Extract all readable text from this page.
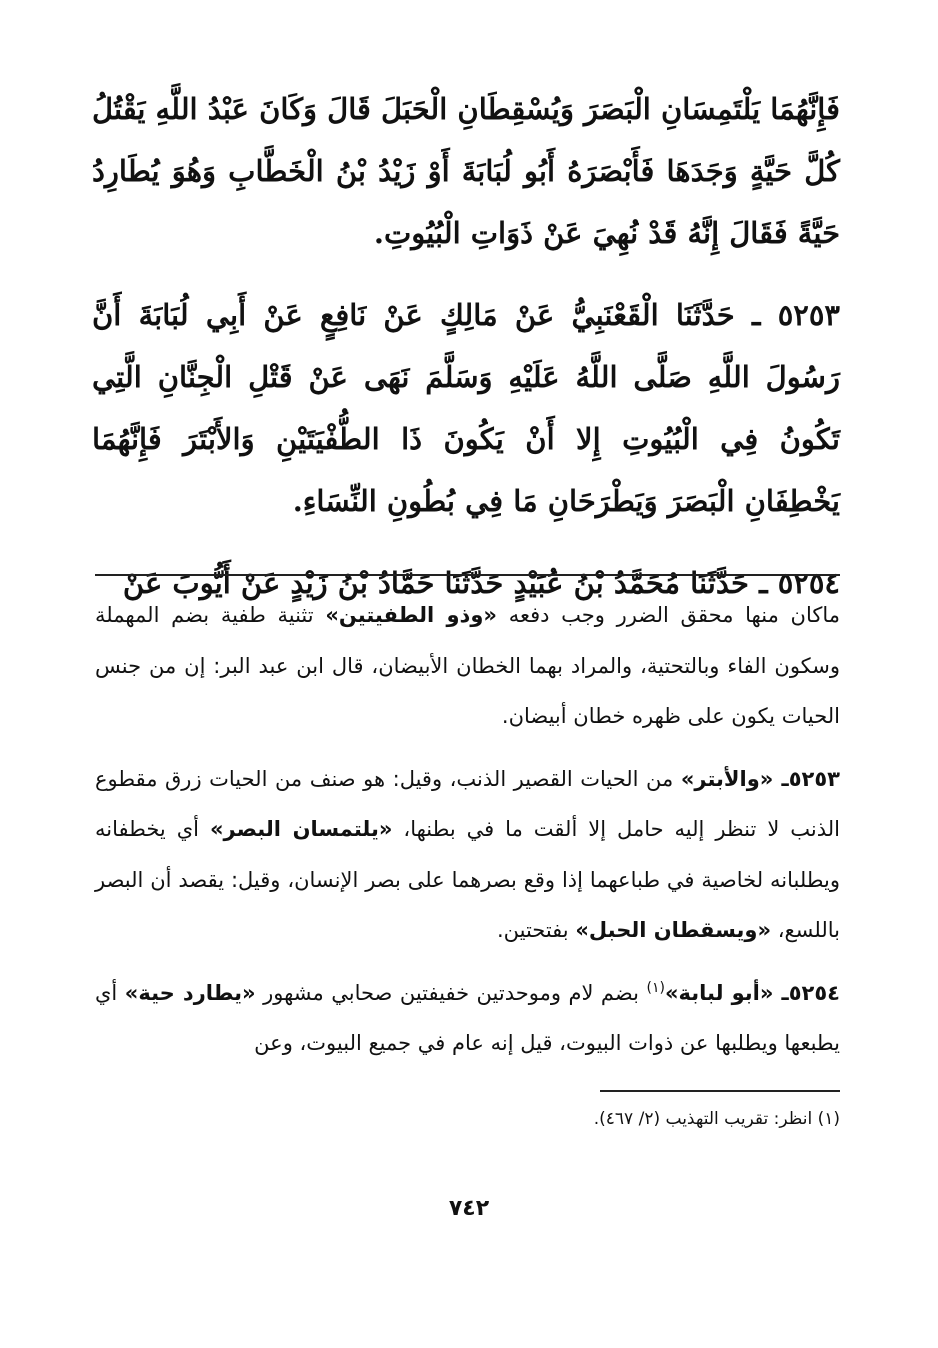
فَإِنَّهُمَا يَلْتَمِسَانِ الْبَصَرَ وَيُسْقِطَانِ الْحَبَلَ قَالَ وَكَانَ عَبْدُ اللَّهِ يَقْتُلُ كُلَّ حَيَّةٍ وَجَدَهَا فَأَبْصَرَهُ أَبُو لُبَابَةَ أَوْ زَيْدُ بْنُ الْخَطَّابِ وَهُوَ يُطَارِدُ حَيَّةً فَقَالَ إِنَّهُ قَدْ نُهِيَ عَنْ ذَوَاتِ الْبُيُوتِ.

٥٢٥٣ ـ حَدَّثَنَا الْقَعْنَبِيُّ عَنْ مَالِكٍ عَنْ نَافِعٍ عَنْ أَبِي لُبَابَةَ أَنَّ رَسُولَ اللَّهِ صَلَّى اللَّهُ عَلَيْهِ وَسَلَّمَ نَهَى عَنْ قَتْلِ الْجِنَّانِ الَّتِي تَكُونُ فِي الْبُيُوتِ إِلا أَنْ يَكُونَ ذَا الطُّفْيَتَيْنِ وَالأَبْتَرَ فَإِنَّهُمَا يَخْطِفَانِ الْبَصَرَ وَيَطْرَحَانِ مَا فِي بُطُونِ النِّسَاءِ.

٥٢٥٤ ـ حَدَّثَنَا مُحَمَّدُ بْنُ عُبَيْدٍ حَدَّثَنَا حَمَّادُ بْنُ زَيْدٍ عَنْ أَيُّوبَ عَنْ

ماكان منها محقق الضرر وجب دفعه «وذو الطفيتين» تثنية طفية بضم المهملة وسكون الفاء وبالتحتية، والمراد بهما الخطان الأبيضان، قال ابن عبد البر: إن من جنس الحيات يكون على ظهره خطان أبيضان.

٥٢٥٣ـ «والأبتر» من الحيات القصير الذنب، وقيل: هو صنف من الحيات زرق مقطوع الذنب لا تنظر إليه حامل إلا ألقت ما في بطنها، «يلتمسان البصر» أي يخطفانه ويطلبانه لخاصية في طباعهما إذا وقع بصرهما على بصر الإنسان، وقيل: يقصد أن البصر باللسع، «ويسقطان الحبل» بفتحتين.

٥٢٥٤ـ «أبو لبابة»$^{(١)}$ بضم لام وموحدتين خفيفتين صحابي مشهور «يطارد حية» أي يطبعها ويطلبها عن ذوات البيوت، قيل إنه عام في جميع البيوت، وعن

(١) انظر: تقريب التهذيب (٢/ ٤٦٧).
٧٤٢
